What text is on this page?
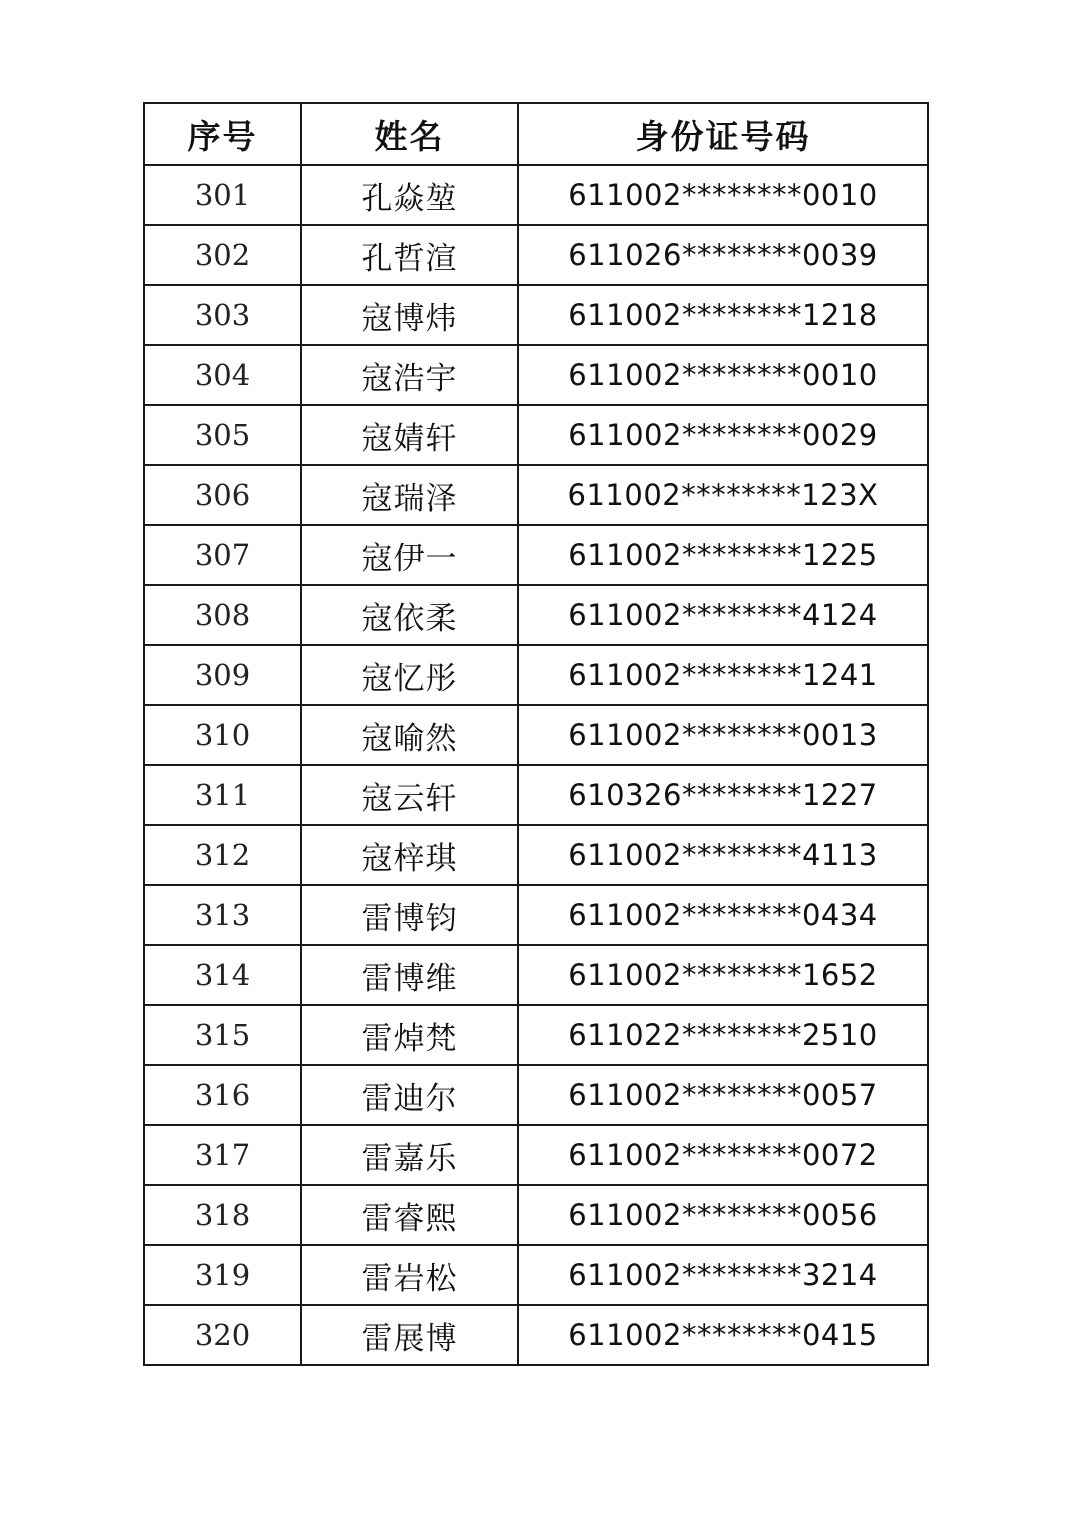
序号	姓名	身份证号码
301	孔焱堃	611002********0010
302	孔哲渲	611026********0039
303	寇博炜	611002********1218
304	寇浩宇	611002********0010
305	寇婧轩	611002********0029
306	寇瑞泽	611002********123X
307	寇伊一	611002********1225
308	寇依柔	611002********4124
309	寇忆彤	611002********1241
310	寇喻然	611002********0013
311	寇云轩	610326********1227
312	寇梓琪	611002********4113
313	雷博钧	611002********0434
314	雷博维	611002********1652
315	雷焯梵	611022********2510
316	雷迪尔	611002********0057
317	雷嘉乐	611002********0072
318	雷睿熙	611002********0056
319	雷岩松	611002********3214
320	雷展博	611002********0415
